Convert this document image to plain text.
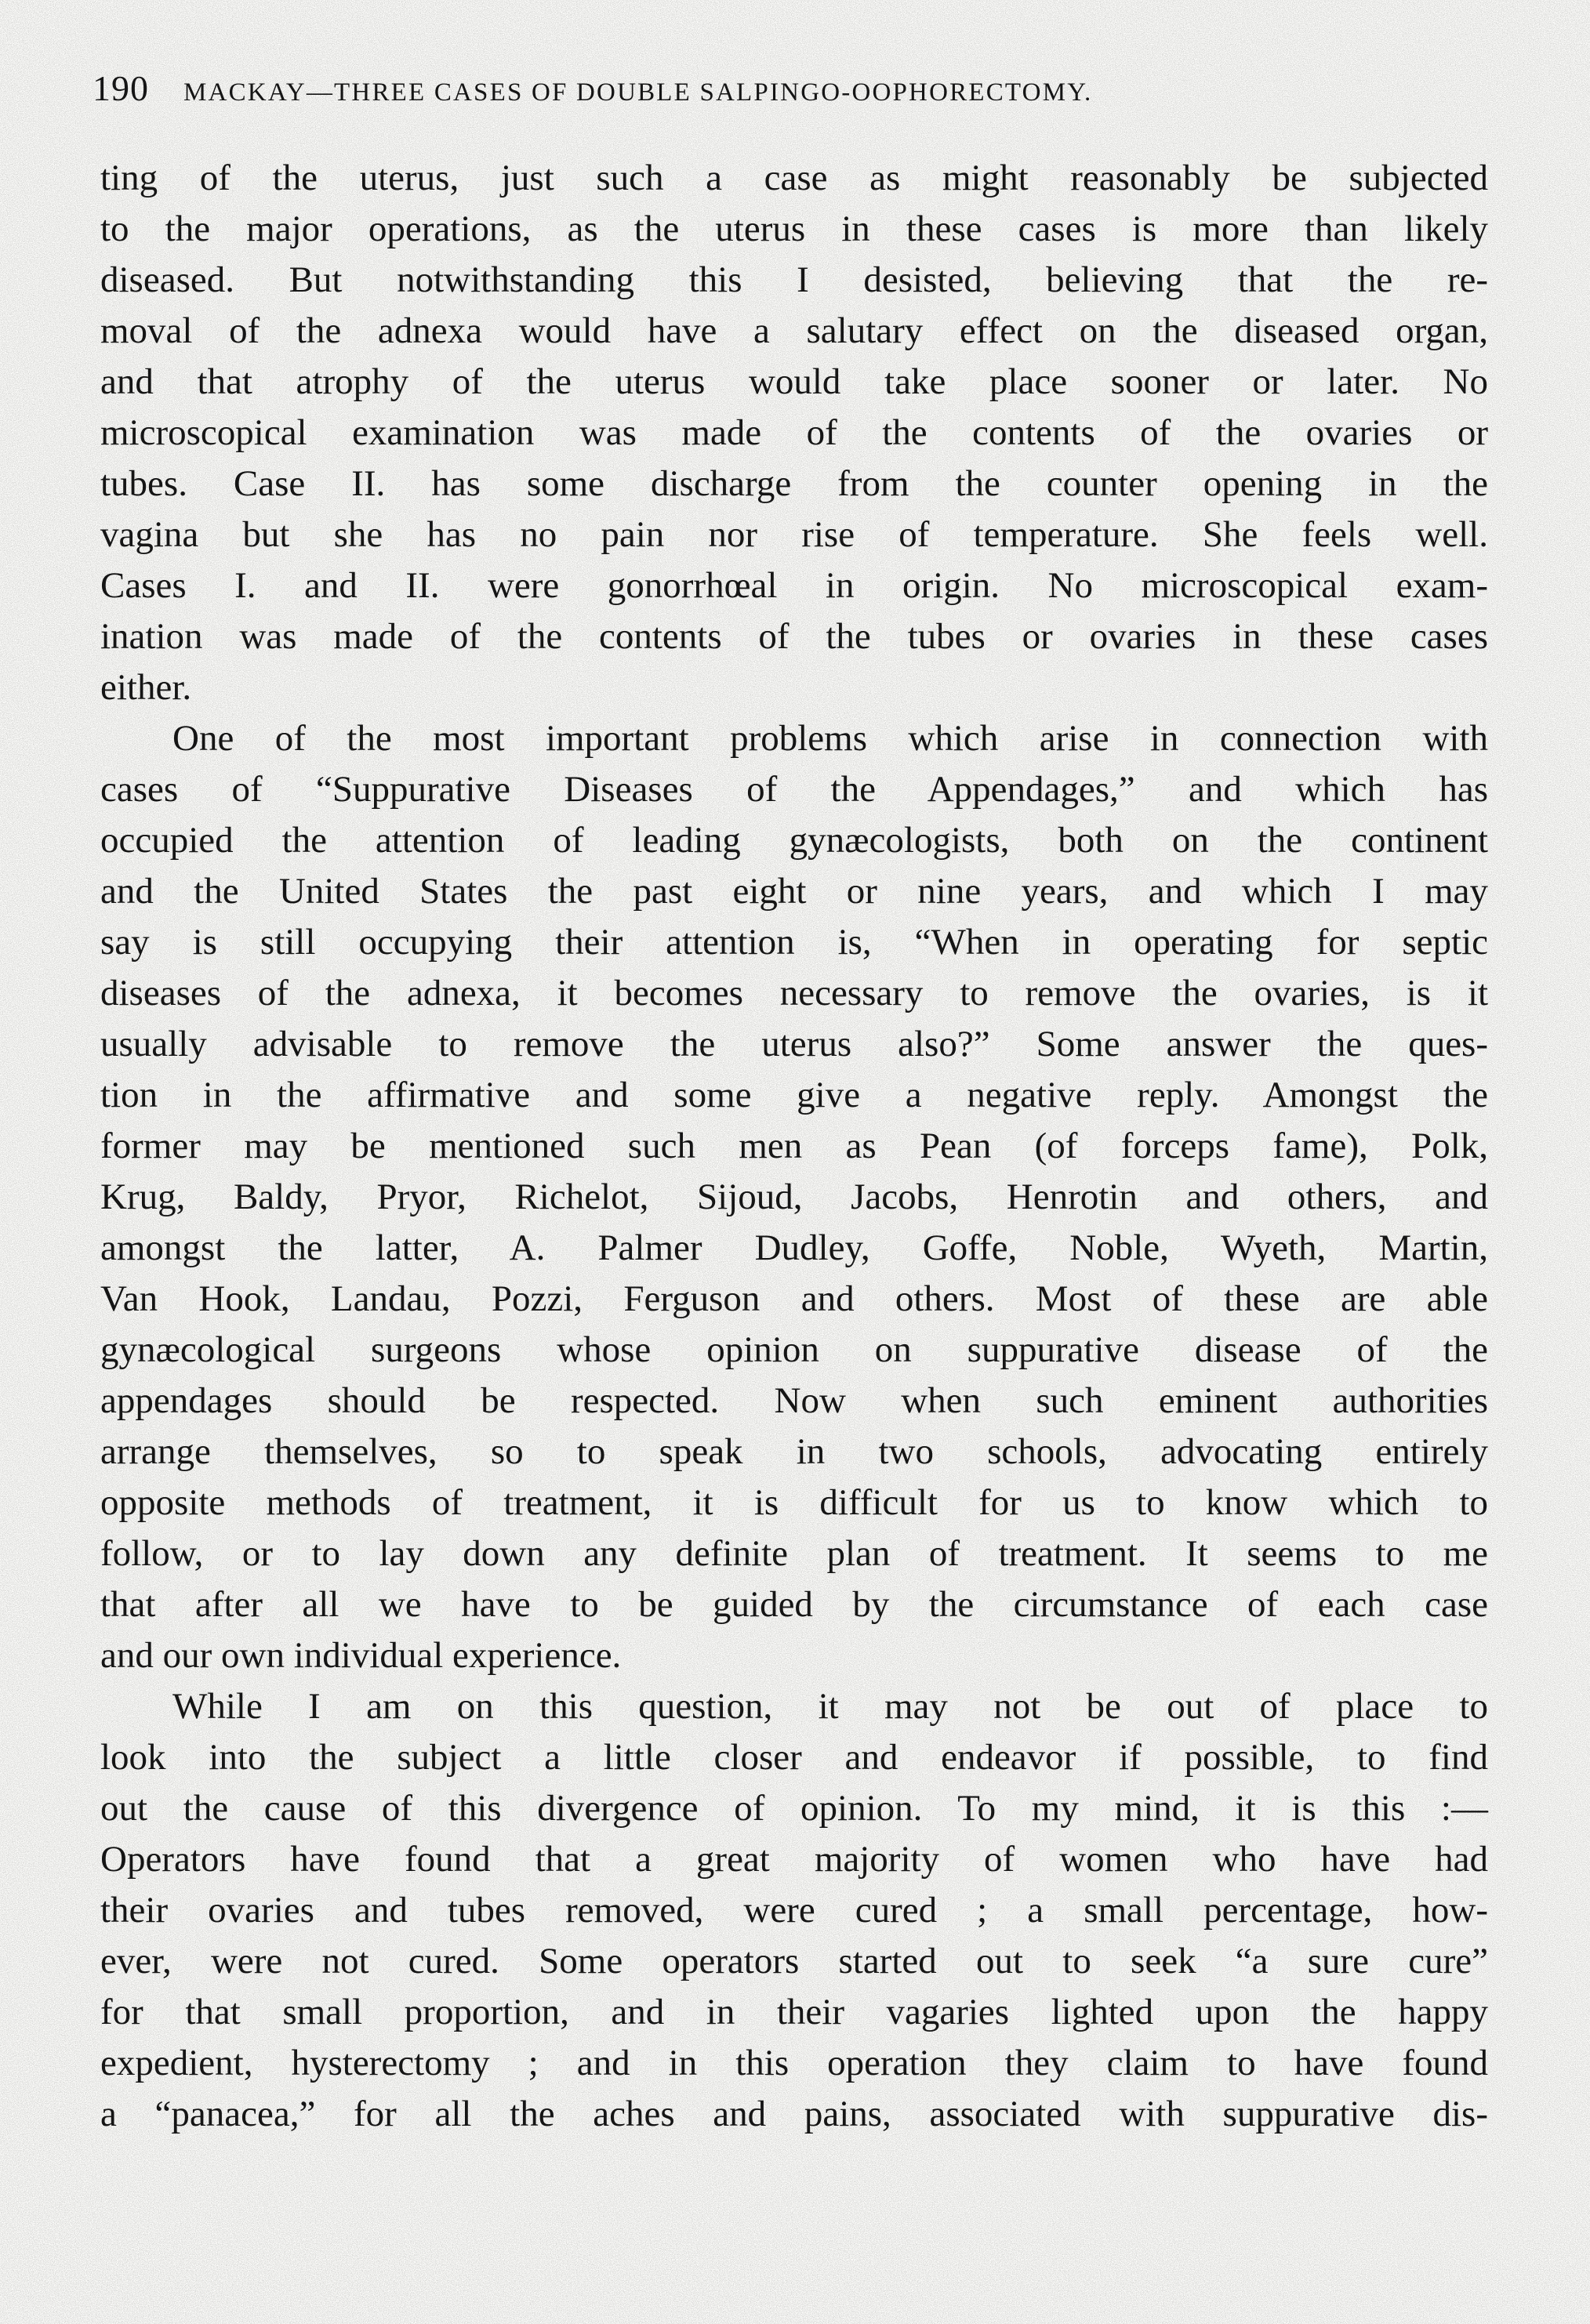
190 MACKAY—THREE CASES OF DOUBLE SALPINGO-OOPHORECTOMY.
ting of the uterus, just such a case as might reasonably be subjected
to the major operations, as the uterus in these cases is more than likely
diseased. But notwithstanding this I desisted, believing that the re-
moval of the adnexa would have a salutary effect on the diseased organ,
and that atrophy of the uterus would take place sooner or later. No
microscopical examination was made of the contents of the ovaries or
tubes. Case II. has some discharge from the counter opening in the
vagina but she has no pain nor rise of temperature. She feels well.
Cases I. and II. were gonorrhœal in origin. No microscopical exam-
ination was made of the contents of the tubes or ovaries in these cases
either.
One of the most important problems which arise in connection with
cases of “Suppurative Diseases of the Appendages,” and which has
occupied the attention of leading gynæcologists, both on the continent
and the United States the past eight or nine years, and which I may
say is still occupying their attention is, “When in operating for septic
diseases of the adnexa, it becomes necessary to remove the ovaries, is it
usually advisable to remove the uterus also?” Some answer the ques-
tion in the affirmative and some give a negative reply. Amongst the
former may be mentioned such men as Pean (of forceps fame), Polk,
Krug, Baldy, Pryor, Richelot, Sijoud, Jacobs, Henrotin and others, and
amongst the latter, A. Palmer Dudley, Goffe, Noble, Wyeth, Martin,
Van Hook, Landau, Pozzi, Ferguson and others. Most of these are able
gynæcological surgeons whose opinion on suppurative disease of the
appendages should be respected. Now when such eminent authorities
arrange themselves, so to speak in two schools, advocating entirely
opposite methods of treatment, it is difficult for us to know which to
follow, or to lay down any definite plan of treatment. It seems to me
that after all we have to be guided by the circumstance of each case
and our own individual experience.
While I am on this question, it may not be out of place to
look into the subject a little closer and endeavor if possible, to find
out the cause of this divergence of opinion. To my mind, it is this :—
Operators have found that a great majority of women who have had
their ovaries and tubes removed, were cured ; a small percentage, how-
ever, were not cured. Some operators started out to seek “a sure cure”
for that small proportion, and in their vagaries lighted upon the happy
expedient, hysterectomy ; and in this operation they claim to have found
a “panacea,” for all the aches and pains, associated with suppurative dis-
